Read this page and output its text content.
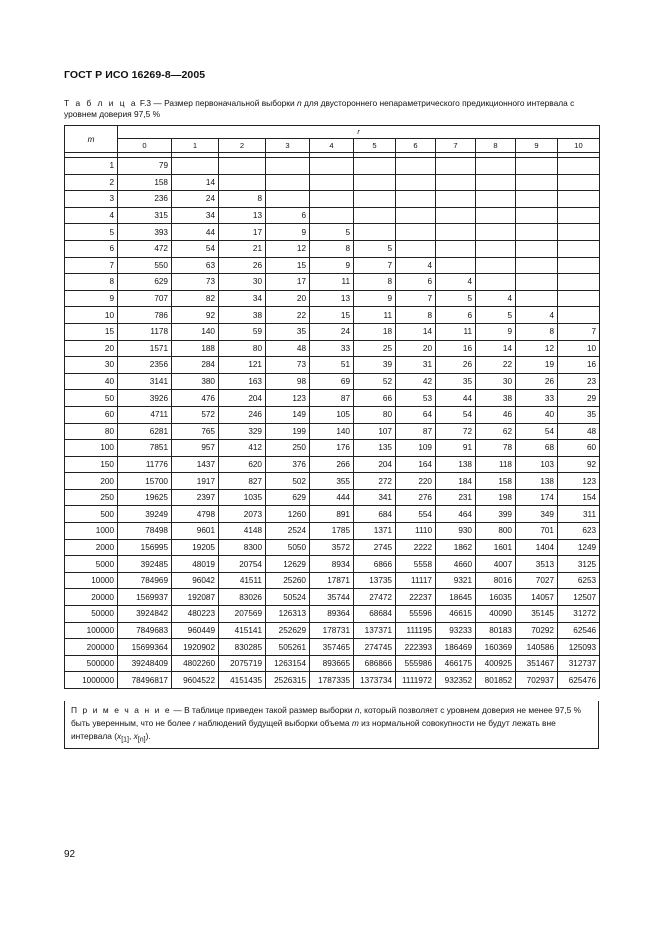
ГОСТ Р ИСО 16269-8—2005
Т а б л и ц а F.3 — Размер первоначальной выборки n для двустороннего непараметрического предикционного интервала с уровнем доверия 97,5 %
m	r										
	0	1	2	3	4	5	6	7	8	9	10

1	79										
2	158	14									
3	236	24	8								
4	315	34	13	6							
5	393	44	17	9	5						
6	472	54	21	12	8	5					
7	550	63	26	15	9	7	4				
8	629	73	30	17	11	8	6	4			
9	707	82	34	20	13	9	7	5	4		
10	786	92	38	22	15	11	8	6	5	4	
15	1178	140	59	35	24	18	14	11	9	8	7
20	1571	188	80	48	33	25	20	16	14	12	10
30	2356	284	121	73	51	39	31	26	22	19	16
40	3141	380	163	98	69	52	42	35	30	26	23
50	3926	476	204	123	87	66	53	44	38	33	29
60	4711	572	246	149	105	80	64	54	46	40	35
80	6281	765	329	199	140	107	87	72	62	54	48
100	7851	957	412	250	176	135	109	91	78	68	60
150	11776	1437	620	376	266	204	164	138	118	103	92
200	15700	1917	827	502	355	272	220	184	158	138	123
250	19625	2397	1035	629	444	341	276	231	198	174	154
500	39249	4798	2073	1260	891	684	554	464	399	349	311
1000	78498	9601	4148	2524	1785	1371	1110	930	800	701	623
2000	156995	19205	8300	5050	3572	2745	2222	1862	1601	1404	1249
5000	392485	48019	20754	12629	8934	6866	5558	4660	4007	3513	3125
10000	784969	96042	41511	25260	17871	13735	11117	9321	8016	7027	6253
20000	1569937	192087	83026	50524	35744	27472	22237	18645	16035	14057	12507
50000	3924842	480223	207569	126313	89364	68684	55596	46615	40090	35145	31272
100000	7849683	960449	415141	252629	178731	137371	111195	93233	80183	70292	62546
200000	15699364	1920902	830285	505261	357465	274745	222393	186469	160369	140586	125093
500000	39248409	4802260	2075719	1263154	893665	686866	555986	466175	400925	351467	312737
1000000	78496817	9604522	4151435	2526315	1787335	1373734	1111972	932352	801852	702937	625476
П р и м е ч а н и е — В таблице приведен такой размер выборки n, который позволяет с уровнем доверия не менее 97,5 % быть уверенным, что не более r наблюдений будущей выборки объема m из нормальной совокупности не будут лежать вне интервала ($x_{[1]}$, $x_{[n]}$).
92
